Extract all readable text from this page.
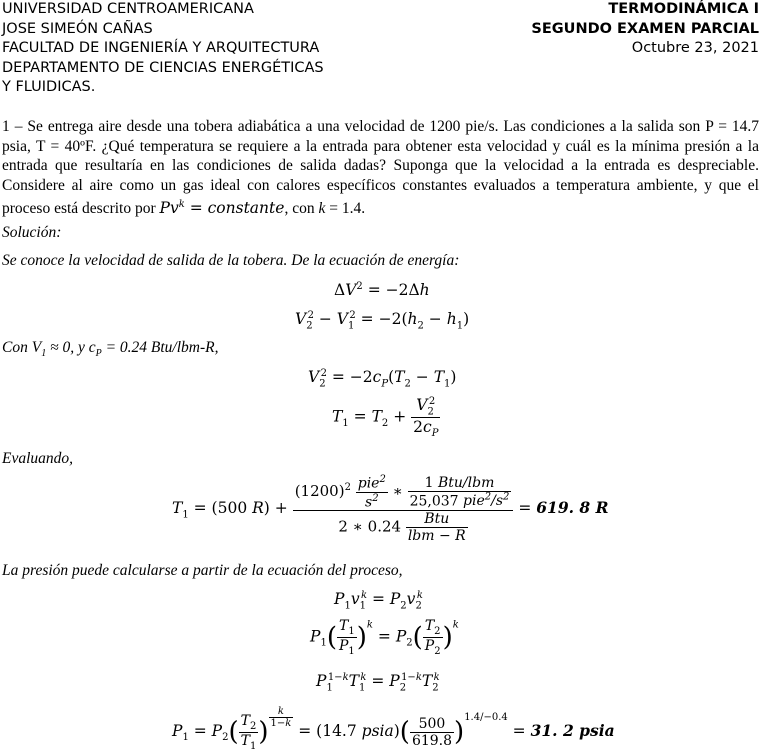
UNIVERSIDAD CENTROAMERICANA
JOSE SIMEÓN CAÑAS
FACULTAD DE INGENIERÍA Y ARQUITECTURA
DEPARTAMENTO DE CIENCIAS ENERGÉTICAS
Y FLUIDICAS.
TERMODINÁMICA I
SEGUNDO EXAMEN PARCIAL
Octubre 23, 2021
1 – Se entrega aire desde una tobera adiabática a una velocidad de 1200 pie/s. Las condiciones a la salida son P = 14.7 psia, T = 40ºF. ¿Qué temperatura se requiere a la entrada para obtener esta velocidad y cuál es la mínima presión a la entrada que resultaría en las condiciones de salida dadas? Suponga que la velocidad a la entrada es despreciable. Considere al aire como un gas ideal con calores específicos constantes evaluados a temperatura ambiente, y que el proceso está descrito por $Pv^k$ = constante, con k = 1.4.
Solución:
Se conoce la velocidad de salida de la tobera. De la ecuación de energía:
$\Delta V^2 = -2\Delta h$
$V_2^2 - V_1^2 = -2(h_2 - h_1)$
Con $V_1 \approx 0$, y $c_P = 0.24$ Btu/lbm-R,
$V_2^2 = -2c_P(T_2 - T_1)$
$T_1 = T_2 + \frac{V_2^2}{2c_P}$
Evaluando,
$T_1 = (500$ $R) + \frac{(1200)^2 \frac{pie^2}{s^2} ∗ \frac{\text{1 Btu/lbm}}{25,037 pie^2/s^2}}{2 ∗ 0.24 \frac{\text{Btu}}{\text{lbm − R}}} = 619$. 8 R
La presión puede calcularse a partir de la ecuación del proceso,
$P_1v_1^k = P_2v_2^k$
$P_1( \frac{T_1}{P_1} )^k = P_2( \frac{T_2}{P_2} )^k$
$P_1^{1-k}T_1^k = P_2^{1-k}T_2^k$
$P_1 = P_2( \frac{T_2}{T_1}$ ) $^{\frac{k}{1-k}}$
= (14.7 psia)( $\frac{500}{619.8} )^{1.4/-0.4} = 31$. 2 psia
